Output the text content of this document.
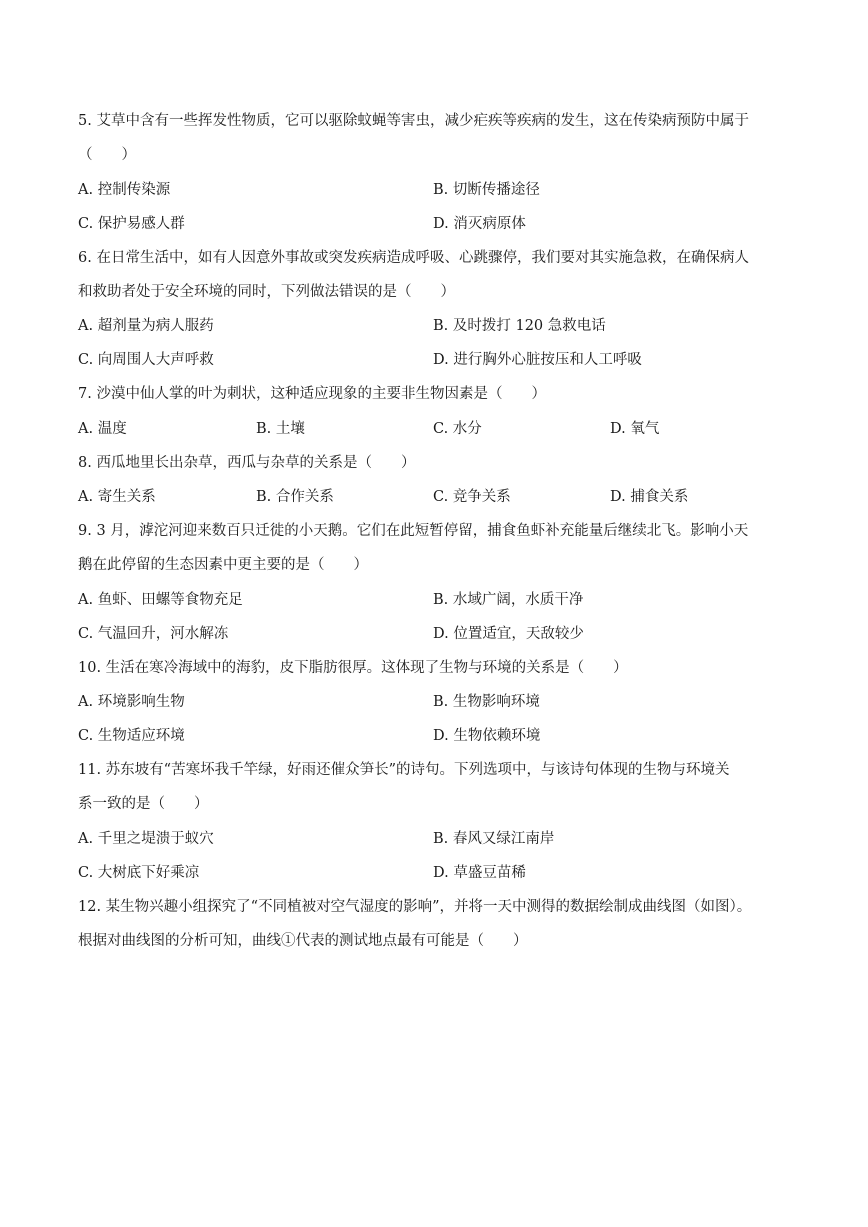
5. 艾草中含有一些挥发性物质，它可以驱除蚊蝇等害虫，减少疟疾等疾病的发生，这在传染病预防中属于
（　　）
A. 控制传染源	B. 切断传播途径
C. 保护易感人群	D. 消灭病原体
6. 在日常生活中，如有人因意外事故或突发疾病造成呼吸、心跳骤停，我们要对其实施急救，在确保病人
和救助者处于安全环境的同时，下列做法错误的是（　　）
A. 超剂量为病人服药	B. 及时拨打 120 急救电话
C. 向周围人大声呼救	D. 进行胸外心脏按压和人工呼吸
7. 沙漠中仙人掌的叶为刺状，这种适应现象的主要非生物因素是（　　）
A. 温度	B. 土壤	C. 水分	D. 氧气
8. 西瓜地里长出杂草，西瓜与杂草的关系是（　　）
A. 寄生关系	B. 合作关系	C. 竞争关系	D. 捕食关系
9. 3 月，滹沱河迎来数百只迁徙的小天鹅。它们在此短暂停留，捕食鱼虾补充能量后继续北飞。影响小天
鹅在此停留的生态因素中更主要的是（　　）
A. 鱼虾、田螺等食物充足	B. 水域广阔，水质干净
C. 气温回升，河水解冻	D. 位置适宜，天敌较少
10. 生活在寒冷海域中的海豹，皮下脂肪很厚。这体现了生物与环境的关系是（　　）
A. 环境影响生物	B. 生物影响环境
C. 生物适应环境	D. 生物依赖环境
11. 苏东坡有“苦寒坏我千竿绿，好雨还催众笋长”的诗句。下列选项中，与该诗句体现的生物与环境关
系一致的是（　　）
A. 千里之堤溃于蚁穴	B. 春风又绿江南岸
C. 大树底下好乘凉	D. 草盛豆苗稀
12. 某生物兴趣小组探究了“不同植被对空气湿度的影响”，并将一天中测得的数据绘制成曲线图（如图）。
根据对曲线图的分析可知，曲线①代表的测试地点最有可能是（　　）
